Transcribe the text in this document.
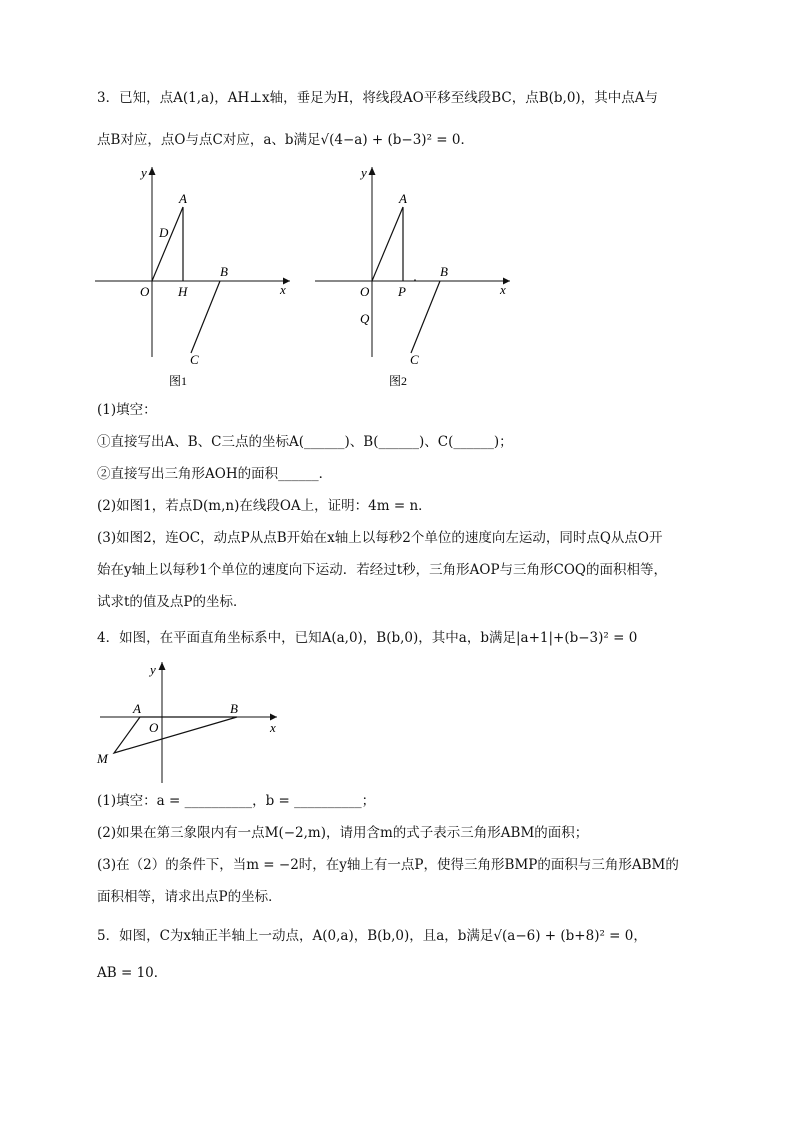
3．已知，点A(1,a)，AH⊥x轴，垂足为H，将线段AO平移至线段BC，点B(b,0)，其中点A与
点B对应，点O与点C对应，a、b满足√(4−a) + (b−3)² = 0．
y
A
D
B
O H	x
C
图1
y
A
B
O P	x
Q
C
图2
(1)填空：
①直接写出A、B、C三点的坐标A(______)、B(______)、C(______)；
②直接写出三角形AOH的面积______．
(2)如图1，若点D(m,n)在线段OA上，证明：4m = n．
(3)如图2，连OC，动点P从点B开始在x轴上以每秒2个单位的速度向左运动，同时点Q从点O开
始在y轴上以每秒1个单位的速度向下运动．若经过t秒，三角形AOP与三角形COQ的面积相等，
试求t的值及点P的坐标．
4．如图，在平面直角坐标系中，已知A(a,0)，B(b,0)，其中a，b满足|a+1|+(b−3)² = 0
y
A	B
O	x
M
(1)填空：a = __________，b = __________；
(2)如果在第三象限内有一点M(−2,m)，请用含m的式子表示三角形ABM的面积；
(3)在（2）的条件下，当m = −2时，在y轴上有一点P，使得三角形BMP的面积与三角形ABM的
面积相等，请求出点P的坐标．
5．如图，C为x轴正半轴上一动点，A(0,a)，B(b,0)，且a，b满足√(a−6) + (b+8)² = 0，
AB = 10．
